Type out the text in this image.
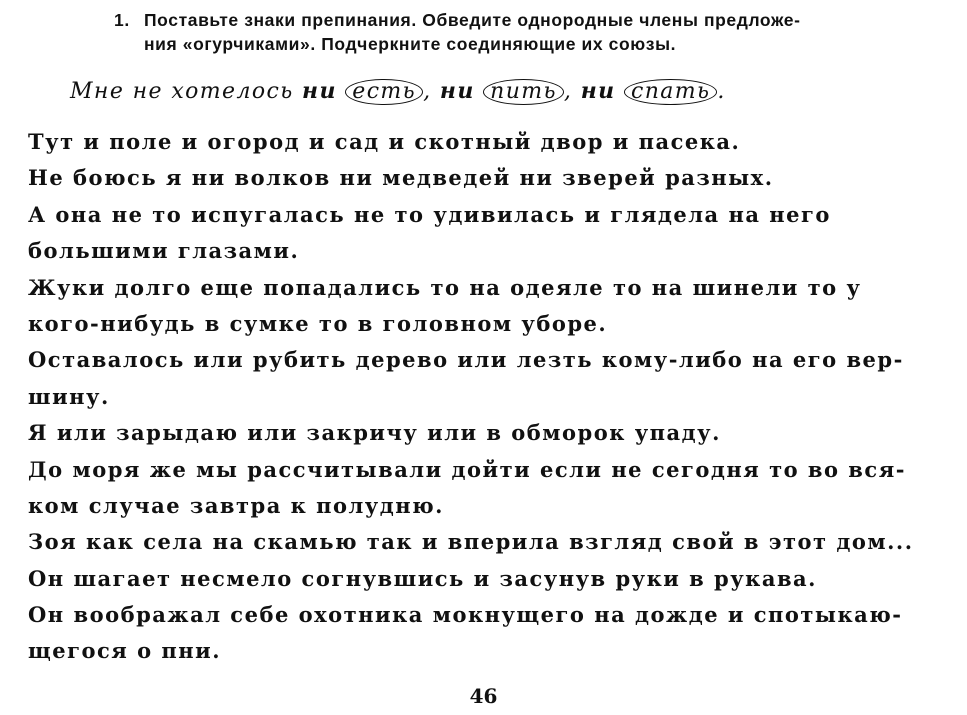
1. Поставьте знаки препинания. Обведите однородные члены предложе-
ния «огурчиками». Подчеркните соединяющие их союзы.
Мне не хотелось ни есть , ни пить , ни спать .
Тут и поле и огород и сад и скотный двор и пасека.
Не боюсь я ни волков ни медведей ни зверей разных.
А она не то испугалась не то удивилась и глядела на него
большими глазами.
Жуки долго еще попадались то на одеяле то на шинели то у
кого-нибудь в сумке то в головном уборе.
Оставалось или рубить дерево или лезть кому-либо на его вер-
шину.
Я или зарыдаю или закричу или в обморок упаду.
До моря же мы рассчитывали дойти если не сегодня то во вся-
ком случае завтра к полудню.
Зоя как села на скамью так и вперила взгляд свой в этот дом...
Он шагает несмело согнувшись и засунув руки в рукава.
Он воображал себе охотника мокнущего на дожде и спотыкаю-
щегося о пни.
46
